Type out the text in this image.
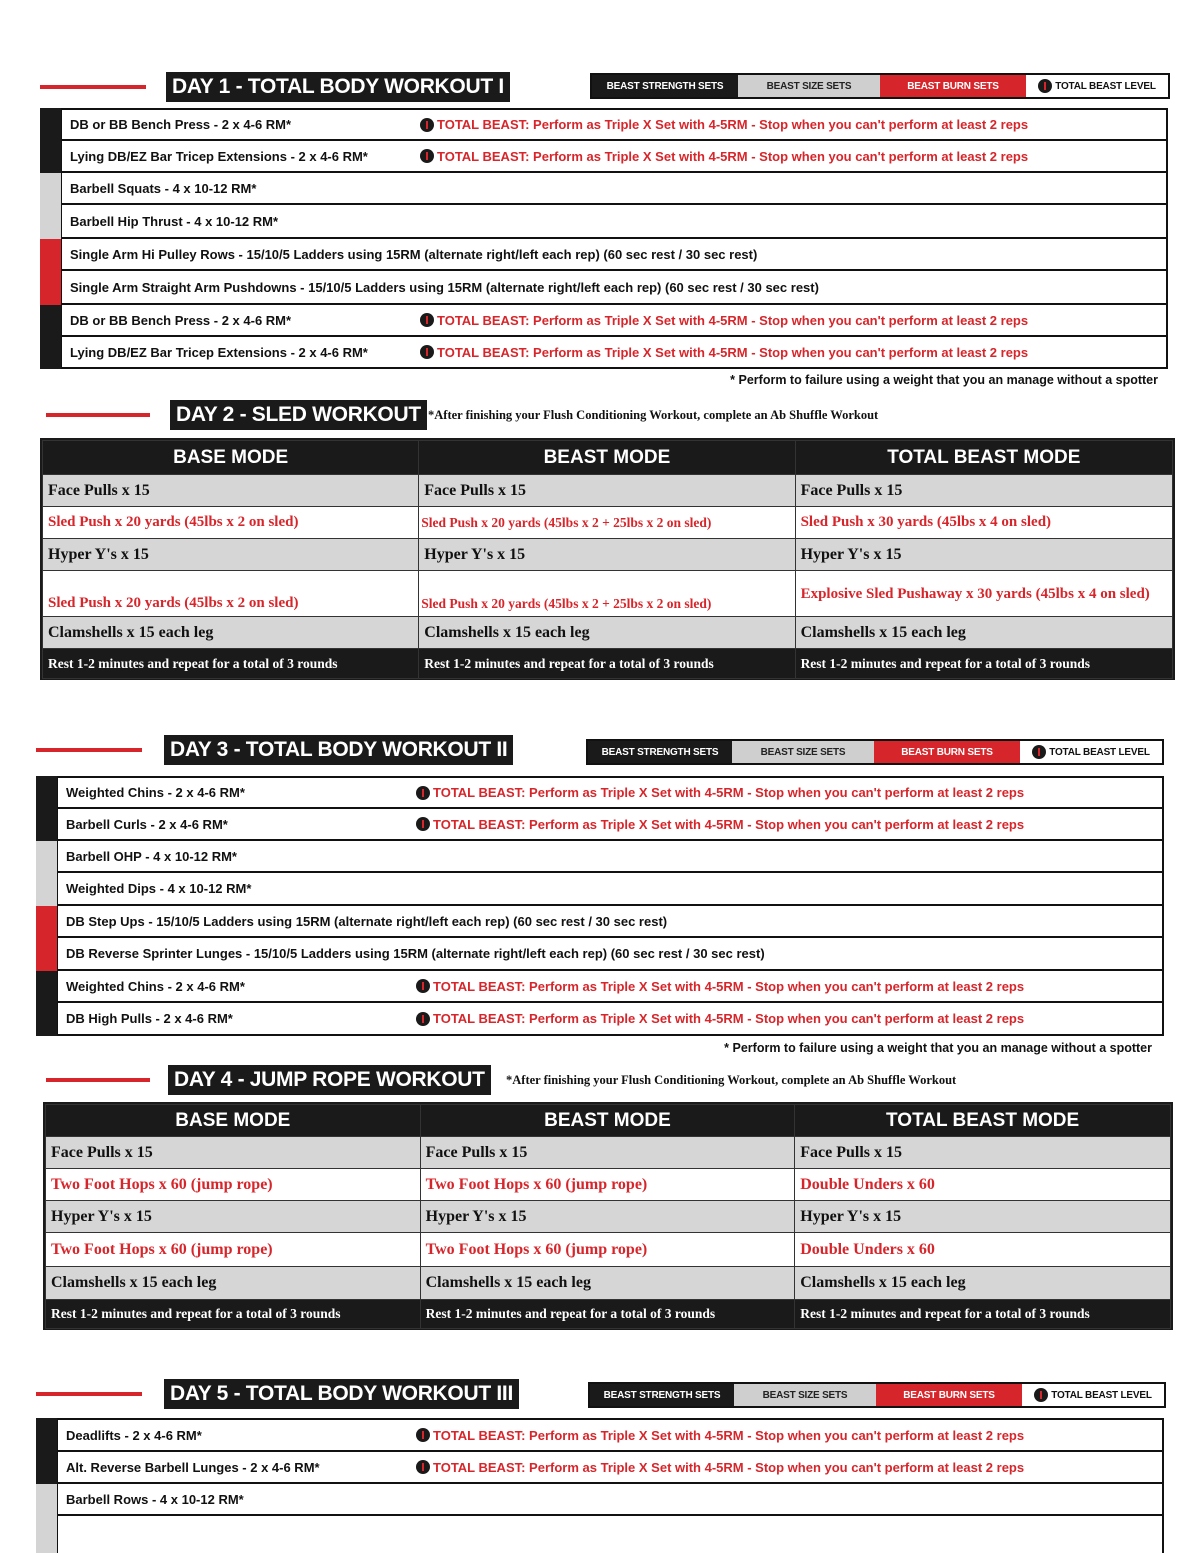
DAY 1 - TOTAL BODY WORKOUT I	BEAST STRENGTH SETS	BEAST SIZE SETS	BEAST BURN SETS	TOTAL BEAST LEVEL
DB or BB Bench Press - 2 x 4-6 RM*	TOTAL BEAST: Perform as Triple X Set with 4-5RM - Stop when you can't perform at least 2 reps
Lying DB/EZ Bar Tricep Extensions - 2 x 4-6 RM*	TOTAL BEAST: Perform as Triple X Set with 4-5RM - Stop when you can't perform at least 2 reps
Barbell Squats - 4 x 10-12 RM*
Barbell Hip Thrust - 4 x 10-12 RM*
Single Arm Hi Pulley Rows - 15/10/5 Ladders using 15RM (alternate right/left each rep) (60 sec rest / 30 sec rest)
Single Arm Straight Arm Pushdowns - 15/10/5 Ladders using 15RM (alternate right/left each rep) (60 sec rest / 30 sec rest)
DB or BB Bench Press - 2 x 4-6 RM*	TOTAL BEAST: Perform as Triple X Set with 4-5RM - Stop when you can't perform at least 2 reps
Lying DB/EZ Bar Tricep Extensions - 2 x 4-6 RM*	TOTAL BEAST: Perform as Triple X Set with 4-5RM - Stop when you can't perform at least 2 reps
* Perform to failure using a weight that you an manage without a spotter
DAY 2 - SLED WORKOUT *After finishing your Flush Conditioning Workout, complete an Ab Shuffle Workout
BASE MODE	BEAST MODE	TOTAL BEAST MODE
Face Pulls x 15	Face Pulls x 15	Face Pulls x 15
Sled Push x 20 yards (45lbs x 2 on sled)	Sled Push x 20 yards (45lbs x 2 + 25lbs x 2 on sled)	Sled Push x 30 yards (45lbs x 4 on sled)
Hyper Y's x 15	Hyper Y's x 15	Hyper Y's x 15
Sled Push x 20 yards (45lbs x 2 on sled)	Sled Push x 20 yards (45lbs x 2 + 25lbs x 2 on sled)	Explosive Sled Pushaway x 30 yards (45lbs x 4 on sled)
Clamshells x 15 each leg	Clamshells x 15 each leg	Clamshells x 15 each leg
Rest 1-2 minutes and repeat for a total of 3 rounds	Rest 1-2 minutes and repeat for a total of 3 rounds	Rest 1-2 minutes and repeat for a total of 3 rounds
DAY 3 - TOTAL BODY WORKOUT II	BEAST STRENGTH SETS	BEAST SIZE SETS	BEAST BURN SETS	TOTAL BEAST LEVEL
Weighted Chins - 2 x 4-6 RM*	TOTAL BEAST: Perform as Triple X Set with 4-5RM - Stop when you can't perform at least 2 reps
Barbell Curls - 2 x 4-6 RM*	TOTAL BEAST: Perform as Triple X Set with 4-5RM - Stop when you can't perform at least 2 reps
Barbell OHP - 4 x 10-12 RM*
Weighted Dips - 4 x 10-12 RM*
DB Step Ups - 15/10/5 Ladders using 15RM (alternate right/left each rep) (60 sec rest / 30 sec rest)
DB Reverse Sprinter Lunges - 15/10/5 Ladders using 15RM (alternate right/left each rep) (60 sec rest / 30 sec rest)
Weighted Chins - 2 x 4-6 RM*	TOTAL BEAST: Perform as Triple X Set with 4-5RM - Stop when you can't perform at least 2 reps
DB High Pulls - 2 x 4-6 RM*	TOTAL BEAST: Perform as Triple X Set with 4-5RM - Stop when you can't perform at least 2 reps
* Perform to failure using a weight that you an manage without a spotter
DAY 4 - JUMP ROPE WORKOUT	*After finishing your Flush Conditioning Workout, complete an Ab Shuffle Workout
BASE MODE	BEAST MODE	TOTAL BEAST MODE
Face Pulls x 15	Face Pulls x 15	Face Pulls x 15
Two Foot Hops x 60 (jump rope)	Two Foot Hops x 60 (jump rope)	Double Unders x 60
Hyper Y's x 15	Hyper Y's x 15	Hyper Y's x 15
Two Foot Hops x 60 (jump rope)	Two Foot Hops x 60 (jump rope)	Double Unders x 60
Clamshells x 15 each leg	Clamshells x 15 each leg	Clamshells x 15 each leg
Rest 1-2 minutes and repeat for a total of 3 rounds	Rest 1-2 minutes and repeat for a total of 3 rounds	Rest 1-2 minutes and repeat for a total of 3 rounds
DAY 5 - TOTAL BODY WORKOUT III	BEAST STRENGTH SETS	BEAST SIZE SETS	BEAST BURN SETS	TOTAL BEAST LEVEL
Deadlifts - 2 x 4-6 RM*	TOTAL BEAST: Perform as Triple X Set with 4-5RM - Stop when you can't perform at least 2 reps
Alt. Reverse Barbell Lunges - 2 x 4-6 RM*	TOTAL BEAST: Perform as Triple X Set with 4-5RM - Stop when you can't perform at least 2 reps
Barbell Rows - 4 x 10-12 RM*
